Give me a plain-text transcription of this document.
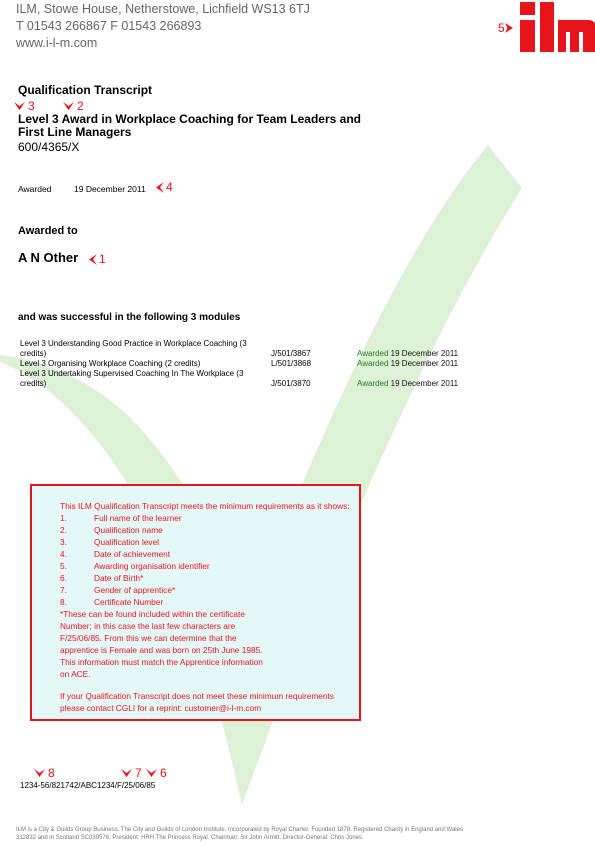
ILM, Stowe House, Netherstowe, Lichfield WS13 6TJ
T 01543 266867 F 01543 266893
www.i-l-m.com
5
Qualification Transcript
3	2
Level 3 Award in Workplace Coaching for Team Leaders and First Line Managers
600/4365/X
Awarded	19 December 2011 4
Awarded to
A N Other 1
and was successful in the following 3 modules
Level 3 Understanding Good Practice in Workplace Coaching (3 credits)	J/501/3867	Awarded 19 December 2011
Level 3 Organising Workplace Coaching (2 credits)	L/501/3868	Awarded 19 December 2011
Level 3 Undertaking Supervised Coaching In The Workplace (3 credits)	J/501/3870	Awarded 19 December 2011
This ILM Qualification Transcript meets the minimum requirements as it shows:
1.	Full name of the learner
2.	Qualification name
3.	Qualification level
4.	Date of achievement
5.	Awarding organisation identifier
6.	Date of Birth*
7.	Gender of apprentice*
8.	Certificate Number
*These can be found included within the certificate
Number; in this case the last few characters are
F/25/06/85. From this we can determine that the
apprentice is Female and was born on 25th June 1985.
This information must match the Apprentice information
on ACE.
If your Qualification Transcript does not meet these minimum requirements
please contact CGLI for a reprint: customer@i-l-m.com
8	7 6
1234-56/821742/ABC1234/F/25/06/85
ILM is a City & Guilds Group Business. The City and Guilds of London Institute. Incorporated by Royal Charter. Founded 1878. Registered Charity in England and Wales
312832 and in Scotland SC039576. President: HRH The Princess Royal. Chairman: Sir John Armitt. Director-General: Chris Jones.
